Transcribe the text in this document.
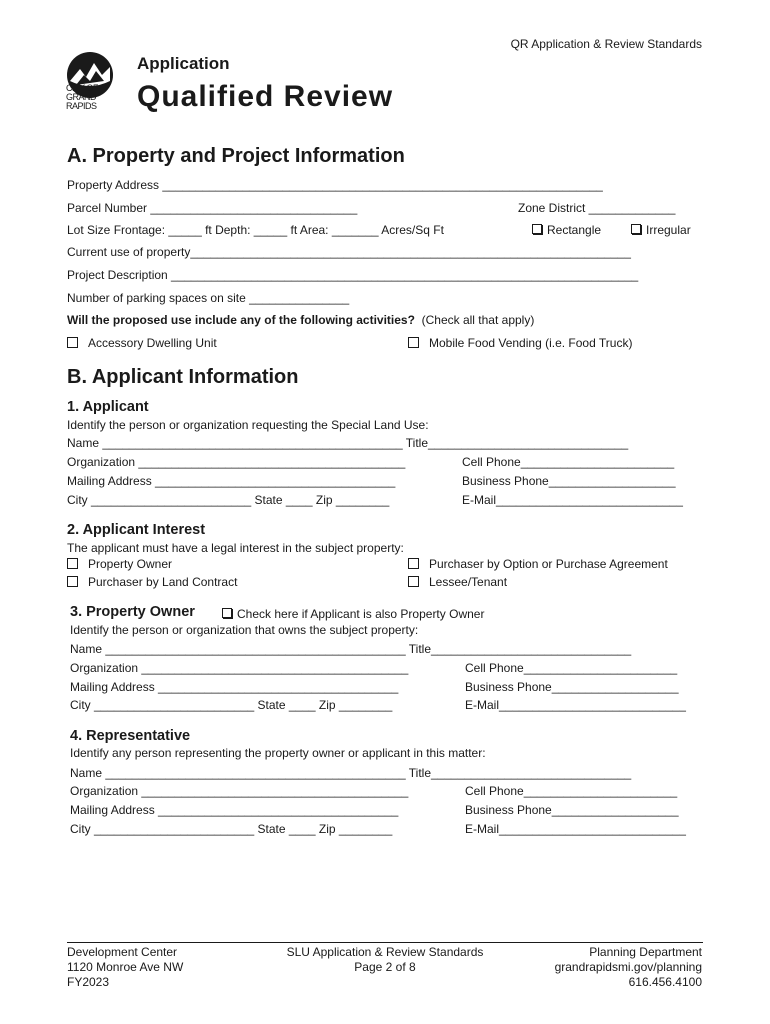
CITY OF
GRAND
RAPIDS
QR Application & Review Standards
Application
Qualified Review
A. Property and Project Information
Property Address __________________________________________________________________
Parcel Number _______________________________	Zone District _____________
Lot Size Frontage: _____ ft Depth: _____ ft Area: _______ Acres/Sq Ft	Rectangle	Irregular
Current use of property__________________________________________________________________
Project Description ______________________________________________________________________
Number of parking spaces on site _______________
Will the proposed use include any of the following activities? (Check all that apply)
Accessory Dwelling Unit	Mobile Food Vending (i.e. Food Truck)
B. Applicant Information
1. Applicant
Identify the person or organization requesting the Special Land Use:
Name _____________________________________________ Title______________________________
Organization ________________________________________	Cell Phone_______________________
Mailing Address ____________________________________	Business Phone___________________
City ________________________ State ____ Zip ________	E-Mail____________________________
2. Applicant Interest
The applicant must have a legal interest in the subject property:
Property Owner
Purchaser by Land Contract
Purchaser by Option or Purchase Agreement
Lessee/Tenant
3. Property Owner	Check here if Applicant is also Property Owner
Identify the person or organization that owns the subject property:
Name _____________________________________________ Title______________________________
Organization ________________________________________	Cell Phone_______________________
Mailing Address ____________________________________	Business Phone___________________
City ________________________ State ____ Zip ________	E-Mail____________________________
4. Representative
Identify any person representing the property owner or applicant in this matter:
Name _____________________________________________ Title______________________________
Organization ________________________________________	Cell Phone_______________________
Mailing Address ____________________________________	Business Phone___________________
City ________________________ State ____ Zip ________	E-Mail____________________________
Development Center
1120 Monroe Ave NW
FY2023
SLU Application & Review Standards
Page 2 of 8
Planning Department
grandrapidsmi.gov/planning
616.456.4100
